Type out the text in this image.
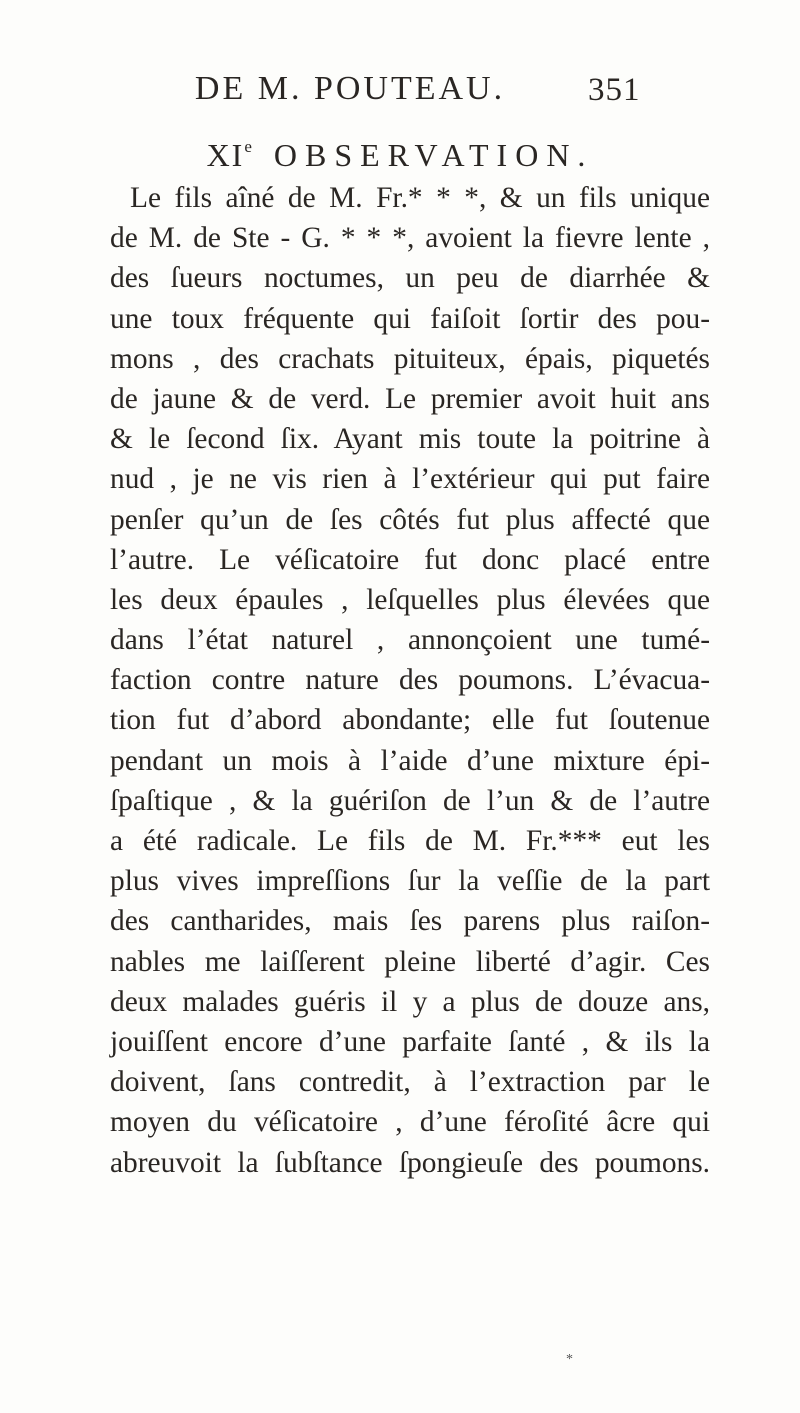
DE M. POUTEAU.	351
XIe OBSERVATION.
Le fils aîné de M. Fr.* * *, & un fils unique
de M. de Ste - G. * * *, avoient la fievre lente ,
des ſueurs noctumes, un peu de diarrhée &
une toux fréquente qui faiſoit ſortir des pou-
mons , des crachats pituiteux, épais, piquetés
de jaune & de verd. Le premier avoit huit ans
& le ſecond ſix. Ayant mis toute la poitrine à
nud , je ne vis rien à l’extérieur qui put faire
penſer qu’un de ſes côtés fut plus affecté que
l’autre. Le véſicatoire fut donc placé entre
les deux épaules , leſquelles plus élevées que
dans l’état naturel , annonçoient une tumé-
faction contre nature des poumons. L’évacua-
tion fut d’abord abondante; elle fut ſoutenue
pendant un mois à l’aide d’une mixture épi-
ſpaſtique , & la guériſon de l’un & de l’autre
a été radicale. Le fils de M. Fr.*** eut les
plus vives impreſſions ſur la veſſie de la part
des cantharides, mais ſes parens plus raiſon-
nables me laiſſerent pleine liberté d’agir. Ces
deux malades guéris il y a plus de douze ans,
jouiſſent encore d’une parfaite ſanté , & ils la
doivent, ſans contredit, à l’extraction par le
moyen du véſicatoire , d’une féroſité âcre qui
abreuvoit la ſubſtance ſpongieuſe des poumons.
*
